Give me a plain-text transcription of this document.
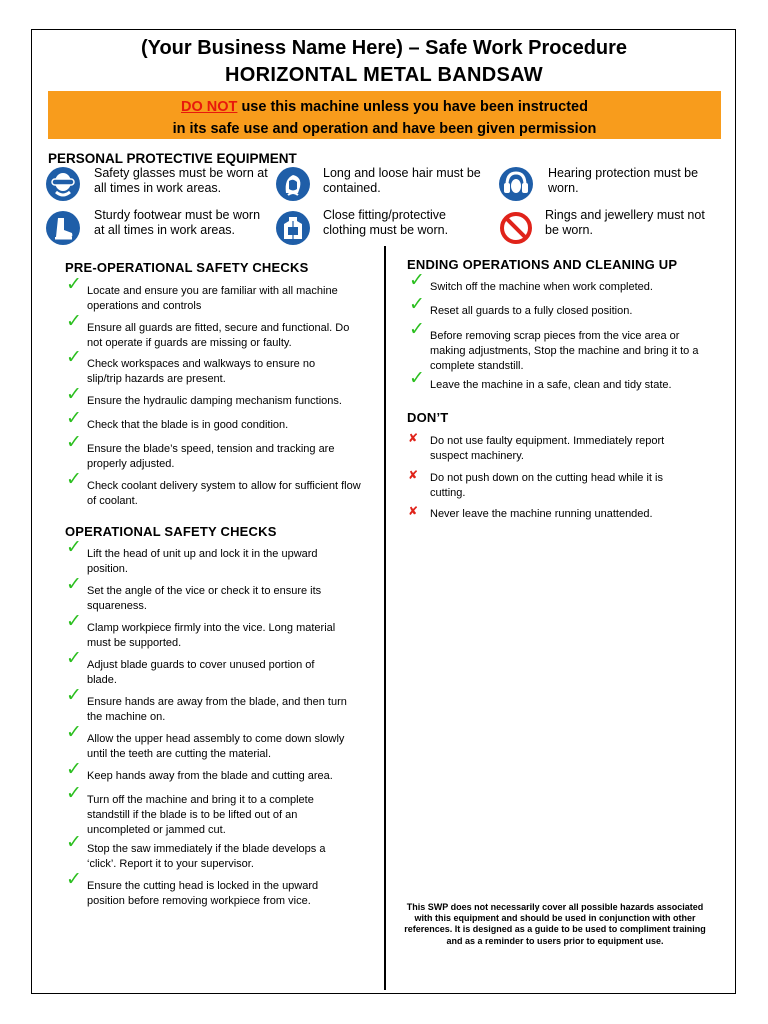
(Your Business Name Here) – Safe Work Procedure
HORIZONTAL METAL BANDSAW
DO NOT use this machine unless you have been instructed
in its safe use and operation and have been given permission
PERSONAL PROTECTIVE EQUIPMENT
Safety glasses must be worn at all times in work areas.
Long and loose hair must be contained.
Hearing protection must be worn.
Sturdy footwear must be worn at all times in work areas.
Close fitting/protective clothing must be worn.
Rings and jewellery must not be worn.
PRE-OPERATIONAL SAFETY CHECKS
✓ Locate and ensure you are familiar with all machine operations and controls
✓ Ensure all guards are fitted, secure and functional. Do not operate if guards are missing or faulty.
✓ Check workspaces and walkways to ensure no slip/trip hazards are present.
✓ Ensure the hydraulic damping mechanism functions.
✓ Check that the blade is in good condition.
✓ Ensure the blade’s speed, tension and tracking are properly adjusted.
✓ Check coolant delivery system to allow for sufficient flow of coolant.
OPERATIONAL SAFETY CHECKS
✓ Lift the head of unit up and lock it in the upward position.
✓ Set the angle of the vice or check it to ensure its squareness.
✓ Clamp workpiece firmly into the vice. Long material must be supported.
✓ Adjust blade guards to cover unused portion of blade.
✓ Ensure hands are away from the blade, and then turn the machine on.
✓ Allow the upper head assembly to come down slowly until the teeth are cutting the material.
✓ Keep hands away from the blade and cutting area.
✓ Turn off the machine and bring it to a complete standstill if the blade is to be lifted out of an uncompleted or jammed cut.
✓ Stop the saw immediately if the blade develops a ‘click’. Report it to your supervisor.
✓ Ensure the cutting head is locked in the upward position before removing workpiece from vice.
ENDING OPERATIONS AND CLEANING UP
✓ Switch off the machine when work completed.
✓ Reset all guards to a fully closed position.
✓ Before removing scrap pieces from the vice area or making adjustments, Stop the machine and bring it to a complete standstill.
✓ Leave the machine in a safe, clean and tidy state.
DON’T
✘ Do not use faulty equipment. Immediately report suspect machinery.
✘ Do not push down on the cutting head while it is cutting.
✘ Never leave the machine running unattended.
This SWP does not necessarily cover all possible hazards associated with this equipment and should be used in conjunction with other references. It is designed as a guide to be used to compliment training and as a reminder to users prior to equipment use.
